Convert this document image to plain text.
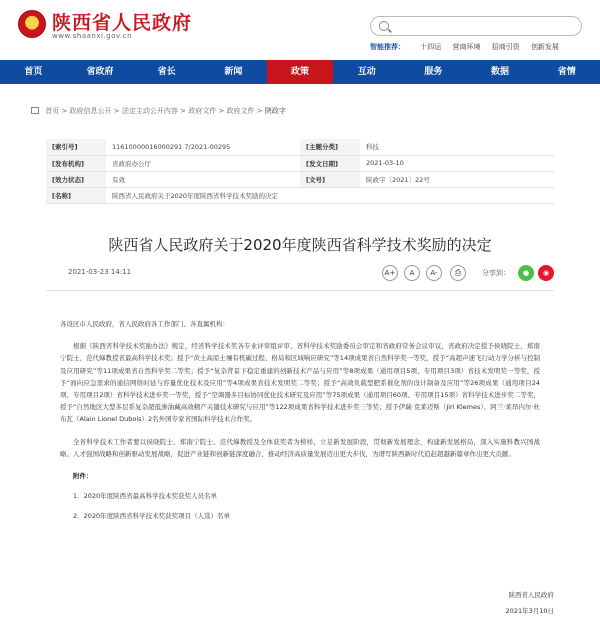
★
陕西省人民政府
www.shaanxi.gov.cn
智能推荐： 十四运 营商环境 招商引资 创新发展
首页	省政府	省长	新闻	政策	互动	服务	数据	省情
首页 > 政府信息公开 > 法定主动公开内容 > 政府文件 > 政府文件 > 陕政字
[索引号]	11610000016000291 7/2021-00295	[主题分类]	科技
[发布机构]	省政府办公厅	[发文日期]	2021-03-10
[效力状态]	有效	[文号]	陕政字〔2021〕22号
[名称]	陕西省人民政府关于2020年度陕西省科学技术奖励的决定		
陕西省人民政府关于2020年度陕西省科学技术奖励的决定
2021-03-23 14:11	A+	A	A-	⎙	分享到：	●	◉

各设区市人民政府，省人民政府各工作部门、各直属机构：

根据《陕西省科学技术奖励办法》规定，经省科学技术奖各专业评审组评审、省科学技术奖励委员会审定和省政府常务会议审议，省政府决定授予侯晓院士、郑南宁院士、范代娣教授省最高科学技术奖；授予“黄土高原土壤有机碳过程、格局和区域响应研究”等14项成果省自然科学奖一等奖，授予“高超声速飞行动力学分析与控制及应用研究”等11项成果省自然科学奖二等奖；授予“复杂背景下稳定重建的创新技术产品与应用”等8项成果（通用项目5项、专用项目3项）省技术发明奖一等奖，授予“面向应急需求的通信网络时延与容量优化技术及应用”等4项成果省技术发明奖二等奖；授予“高效负载型肥系催化剂的设计制备及应用”等26项成果（通用项目24项、专用项目2项）省科学技术进步奖一等奖，授予“空调器多目标协同优化技术研究及应用”等75项成果（通用项目60项、专用项目15项）省科学技术进步奖二等奖，授予“自然地区大型多层系复杂超低渗油藏高效精产关键技术研究与应用”等122项成果省科学技术进步奖三等奖；授予伊瑞·克莱迈斯（Jiri Klemes）、阿兰·莱昂内尔·杜布瓦（Alain Lionel Dubois）2名外国专家省国际科学技术合作奖。

全省科学技术工作者要以侯晓院士、郑南宁院士、范代娣教授及全体获奖者为榜样，立足新发展阶段，贯彻新发展理念，构建新发展格局，深入实施科教兴国战略、人才强国战略和创新驱动发展战略，促进产业链和创新链深度融合，推动经济高质量发展迈出更大步伐，为谱写陕西新时代追赶超越新篇章作出更大贡献。

附件：
1．2020年度陕西省最高科学技术奖获奖人员名单
2．2020年度陕西省科学技术奖获奖项目（人选）名单
陕西省人民政府
2021年3月10日
